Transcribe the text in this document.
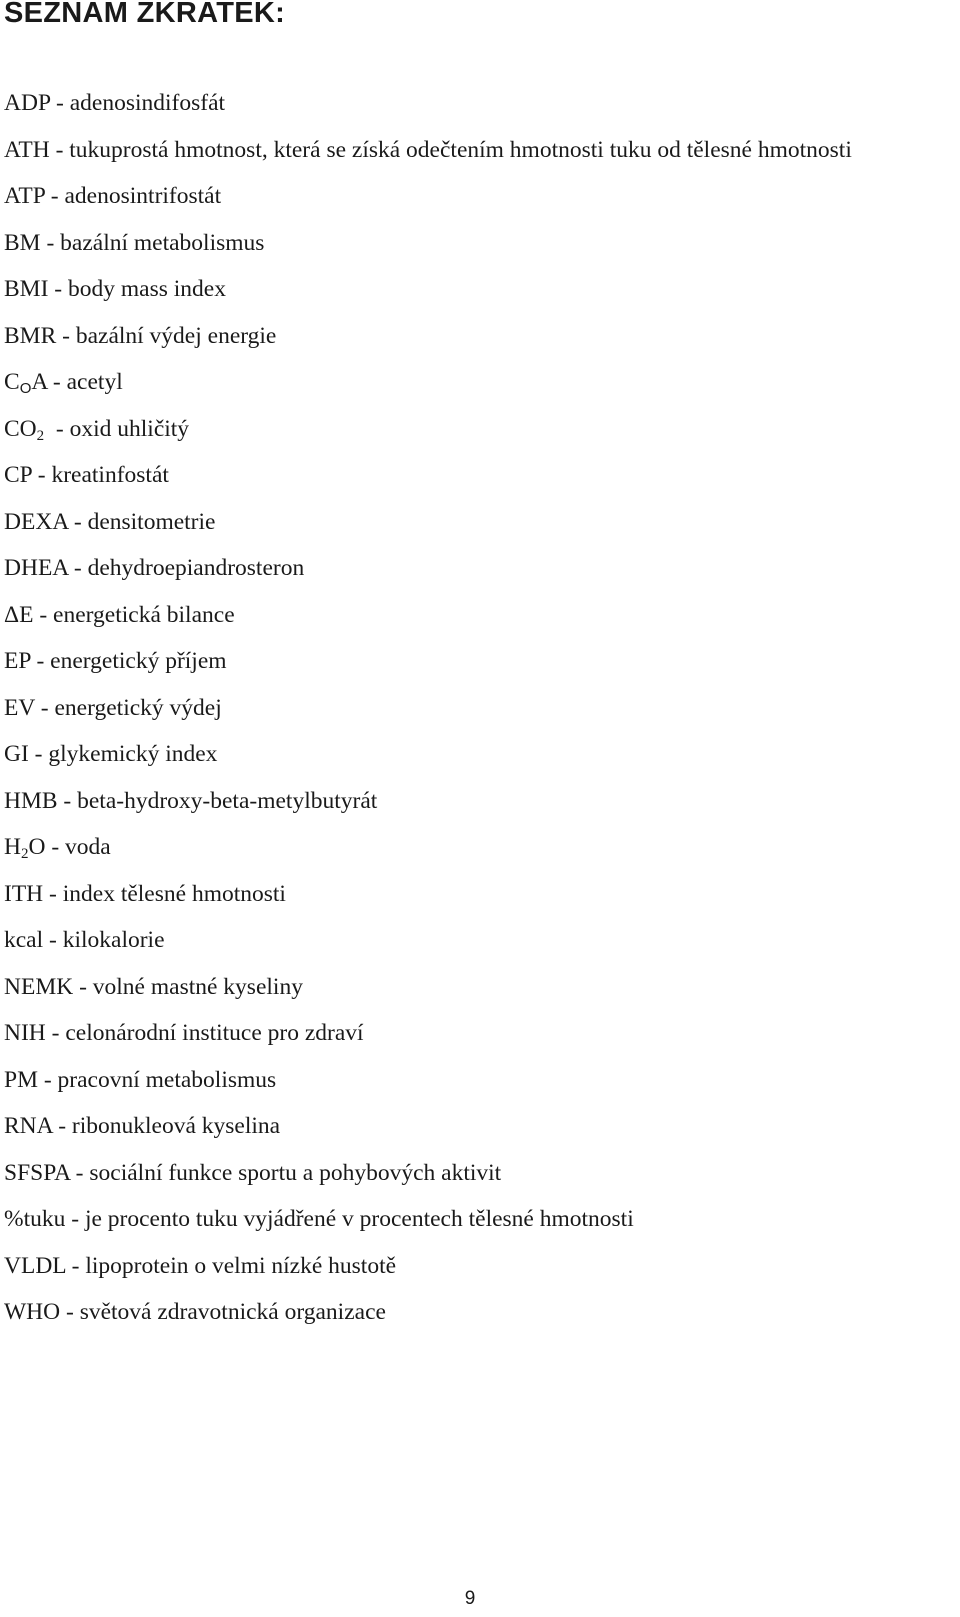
SEZNAM ZKRATEK:
ADP - adenosindifosfát
ATH - tukuprostá hmotnost, která se získá odečtením hmotnosti tuku od tělesné hmotnosti
ATP - adenosintrifostát
BM - bazální metabolismus
BMI - body mass index
BMR - bazální výdej energie
$C_OA$ - acetyl
$CO_2$  - oxid uhličitý
CP - kreatinfostát
DEXA - densitometrie
DHEA - dehydroepiandrosteron
ΔE - energetická bilance
EP - energetický příjem
EV - energetický výdej
GI - glykemický index
HMB - beta-hydroxy-beta-metylbutyrát
$H_2O$ - voda
ITH - index tělesné hmotnosti
kcal - kilokalorie
NEMK - volné mastné kyseliny
NIH - celonárodní instituce pro zdraví
PM - pracovní metabolismus
RNA - ribonukleová kyselina
SFSPA - sociální funkce sportu a pohybových aktivit
%tuku - je procento tuku vyjádřené v procentech tělesné hmotnosti
VLDL - lipoprotein o velmi nízké hustotě
WHO - světová zdravotnická organizace
9
